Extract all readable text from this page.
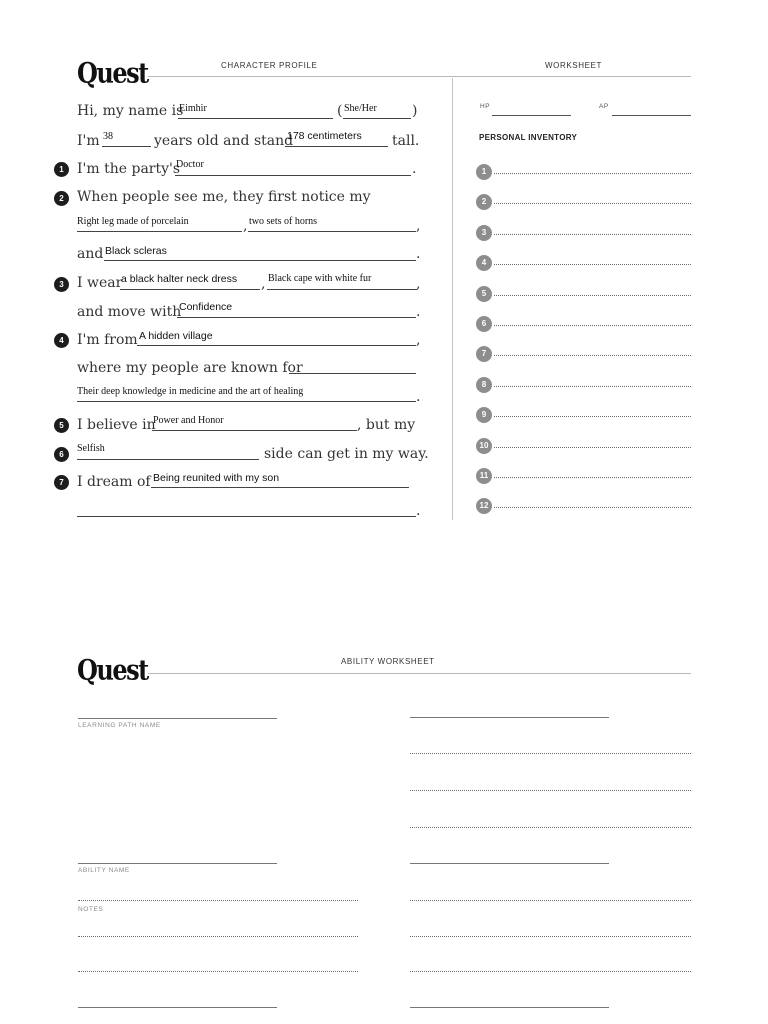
Quest	CHARACTER PROFILE	WORKSHEET
Hi, my name is
Eimhir	( She/Her	)
I'm 38	years old and stand
178 centimeters tall.
1 I'm the party's
Doctor	.
2 When people see me, they first notice my
Right leg made of porcelain	, two sets of horns	,
and Black scleras	.
3 I wear
a black halter neck dress , Black cape with white fur	,
and move with
Confidence	.
4 I'm from A hidden village	,
where my people are known for
Their deep knowledge in medicine and the art of healing	.
5 I believe in
Power and Honor	, but my
6
Selfish	side can get in my way.
7 I dream of Being reunited with my son
.
HP	AP
PERSONAL INVENTORY
1
2
3
4
5
6
7
8
9
10
11
12
Quest	ABILITY WORKSHEET
LEARNING PATH NAME
ABILITY NAME
NOTES
